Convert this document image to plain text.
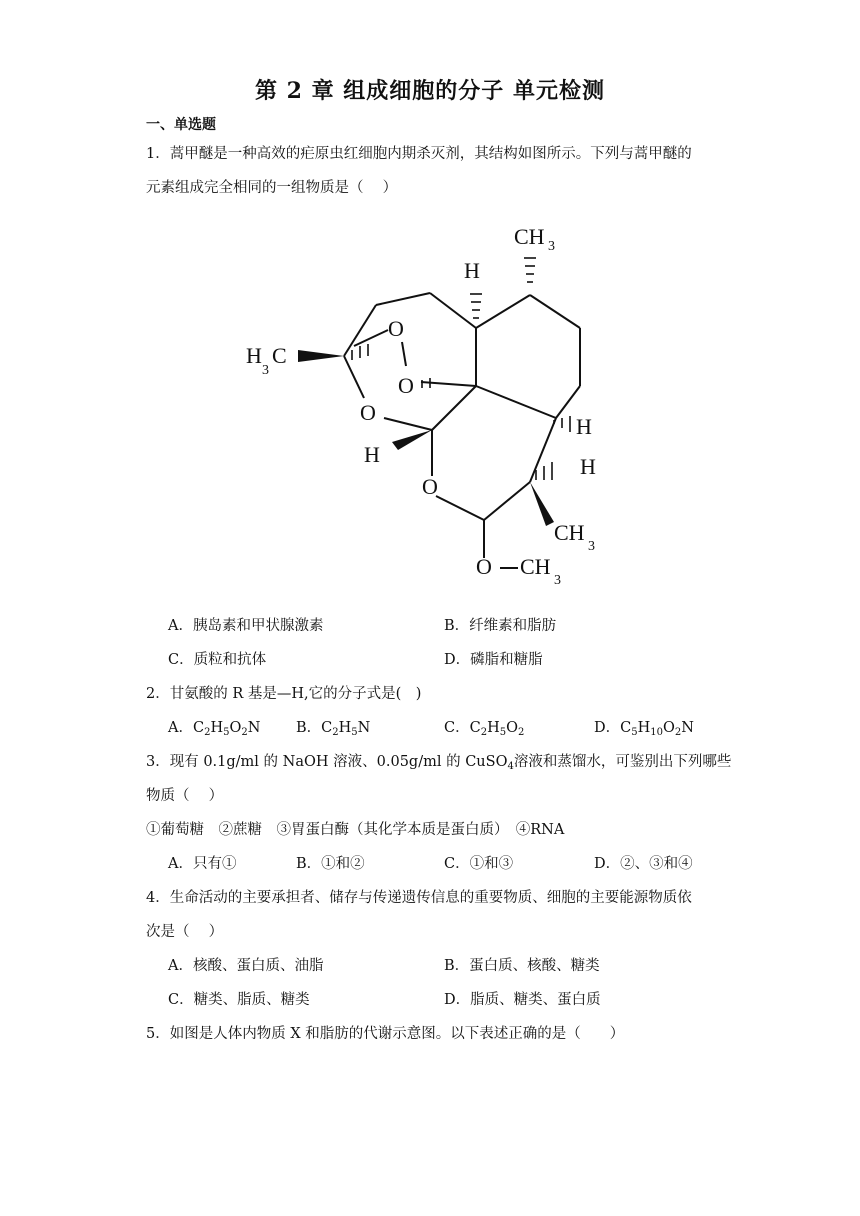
第 2 章 组成细胞的分子 单元检测
一、单选题
1．蒿甲醚是一种高效的疟原虫红细胞内期杀灭剂，其结构如图所示。下列与蒿甲醚的
元素组成完全相同的一组物质是（　 ）
CH 3
H
H
3
C
O
O
O
H
H
H
O
CH
3
O CH
3
A．胰岛素和甲状腺激素	B．纤维素和脂肪
C．质粒和抗体	D．磷脂和糖脂
2．甘氨酸的 R 基是—H,它的分子式是(　)
A．$C_2H_5O_2N$ B．$C_2H_5N$	C．$C_2H_5O_2$	D．$C_5H_{10}O_2N$
3．现有 0.1g/ml 的 NaOH 溶液、0.05g/ml 的 CuSO$_4$溶液和蒸馏水，可鉴别出下列哪些
物质（　 ）
①葡萄糖　②蔗糖　③胃蛋白酶（其化学本质是蛋白质）　④RNA
A．只有①	B．①和②	C．①和③	D．②、③和④
4．生命活动的主要承担者、储存与传递遗传信息的重要物质、细胞的主要能源物质依
次是（　 ）
A．核酸、蛋白质、油脂	B．蛋白质、核酸、糖类
C．糖类、脂质、糖类	D．脂质、糖类、蛋白质
5．如图是人体内物质 X 和脂肪的代谢示意图。以下表述正确的是（　　）
